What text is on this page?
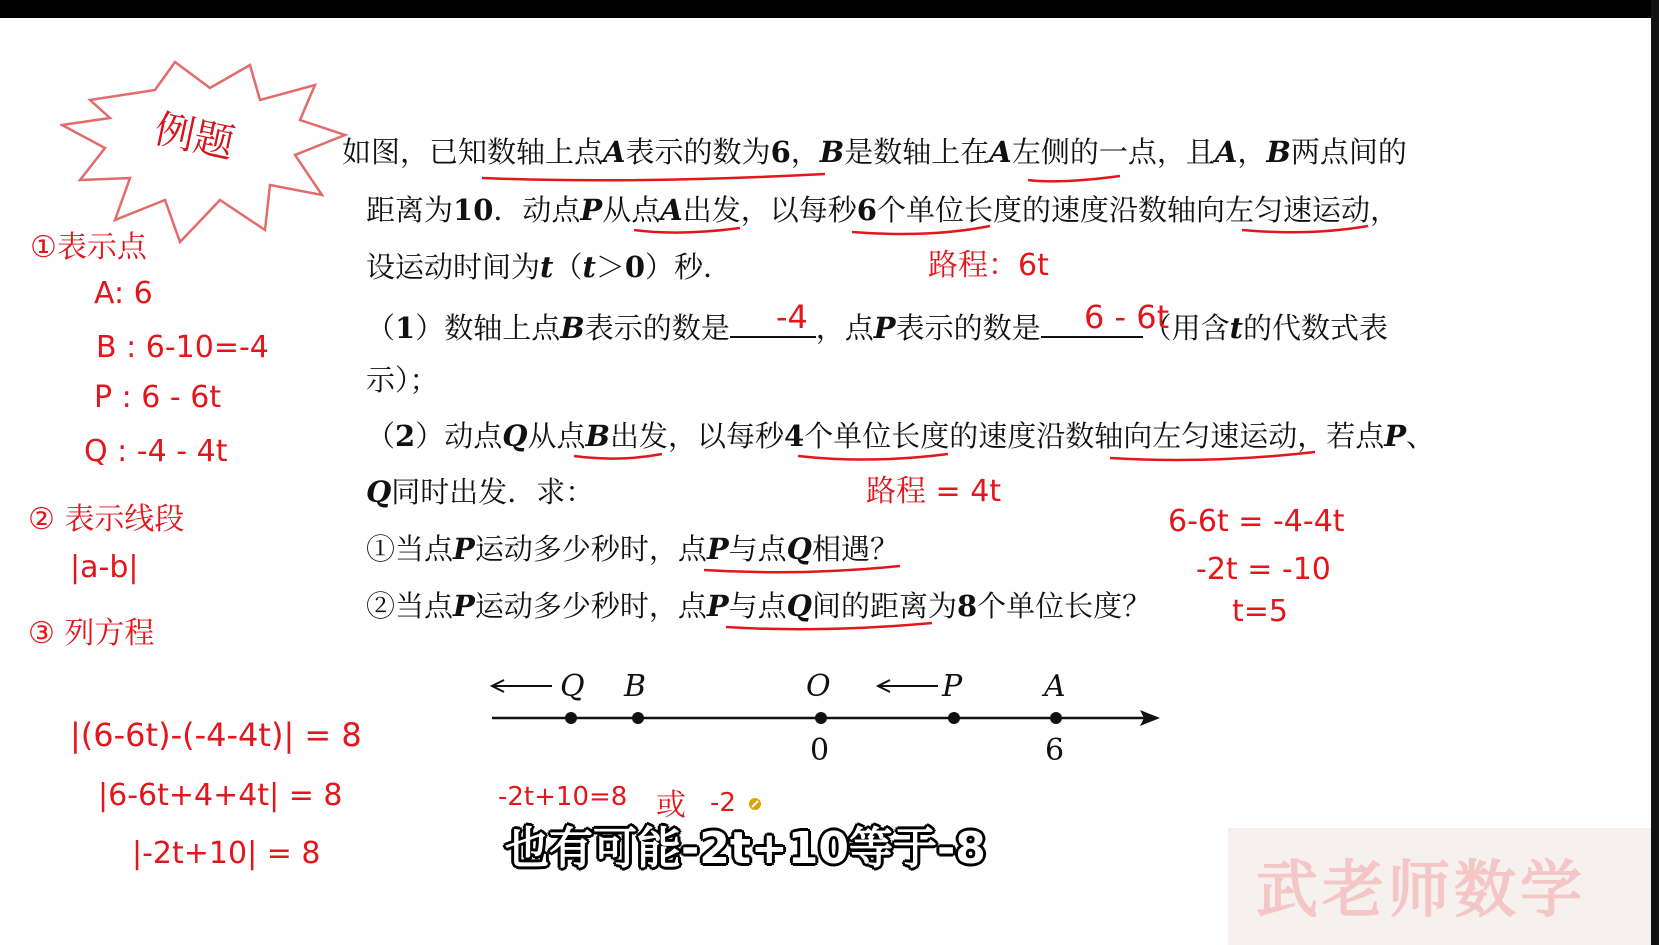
例题	如图，已知数轴上点A表示的数为6，B是数轴上在A左侧的一点，且A，B两点间的
距离为10．动点P从点A出发，以每秒6个单位长度的速度沿数轴向左匀速运动，
设运动时间为t（t＞0）秒．
（1）数轴上点B表示的数是	，点P表示的数是	（用含t的代数式表
示）；
（2）动点Q从点B出发，以每秒4个单位长度的速度沿数轴向左匀速运动，若点P、
Q同时出发．求：
①当点P运动多少秒时，点P与点Q相遇？
②当点P运动多少秒时，点P与点Q间的距离为8个单位长度？
-4	6 - 6t
路程：6t
路程 = 4t
①表示点
A: 6
B : 6-10=-4
P : 6 - 6t
Q : -4 - 4t
② 表示线段
|a-b|
③ 列方程
6-6t = -4-4t
-2t = -10
t=5
|(6-6t)-(-4-4t)| = 8
|6-6t+4+4t| = 8
|-2t+10| = 8
-2t+10=8 或 -2
Q B	O	P	A
0	6
也有可能-2t+10等于-8
武老师数学
